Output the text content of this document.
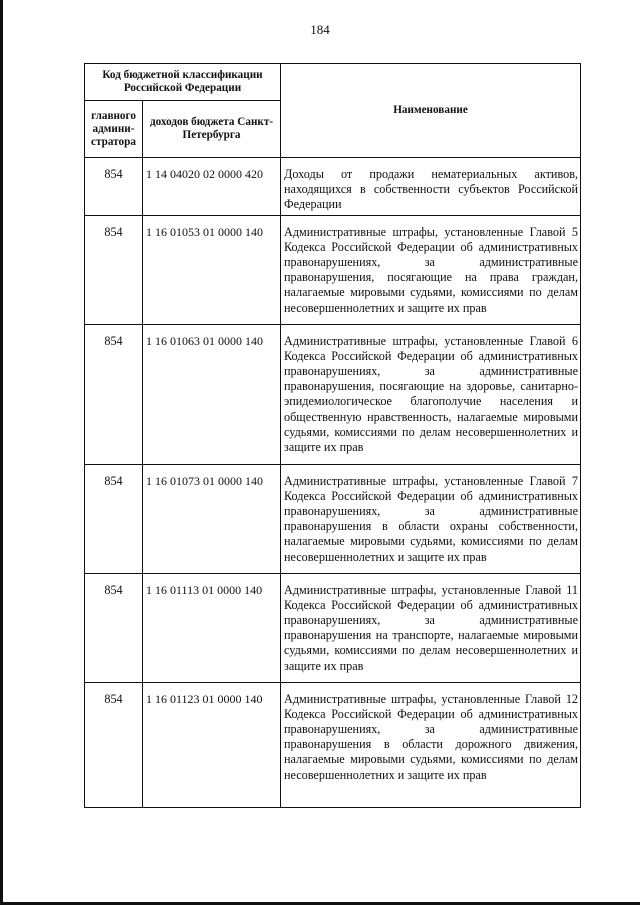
184
Код бюджетной классификации Российской Федерации		Наименование
главного админи-стратора	доходов бюджета Санкт-Петербурга	
854	1 14 04020 02 0000 420	Доходы от продажи нематериальных активов, находящихся в собственности субъектов Российской Федерации
854	1 16 01053 01 0000 140	Административные штрафы, установленные Главой 5 Кодекса Российской Федерации об административных правонарушениях, за административные правонарушения, посягающие на права граждан, налагаемые мировыми судьями, комиссиями по делам несовершеннолетних и защите их прав
854	1 16 01063 01 0000 140	Административные штрафы, установленные Главой 6 Кодекса Российской Федерации об административных правонарушениях, за административные правонарушения, посягающие на здоровье, санитарно-эпидемиологическое благополучие населения и общественную нравственность, налагаемые мировыми судьями, комиссиями по делам несовершеннолетних и защите их прав
854	1 16 01073 01 0000 140	Административные штрафы, установленные Главой 7 Кодекса Российской Федерации об административных правонарушениях, за административные правонарушения в области охраны собственности, налагаемые мировыми судьями, комиссиями по делам несовершеннолетних и защите их прав
854	1 16 01113 01 0000 140	Административные штрафы, установленные Главой 11 Кодекса Российской Федерации об административных правонарушениях, за административные правонарушения на транспорте, налагаемые мировыми судьями, комиссиями по делам несовершеннолетних и защите их прав
854	1 16 01123 01 0000 140	Административные штрафы, установленные Главой 12 Кодекса Российской Федерации об административных правонарушениях, за административные правонарушения в области дорожного движения, налагаемые мировыми судьями, комиссиями по делам несовершеннолетних и защите их прав
